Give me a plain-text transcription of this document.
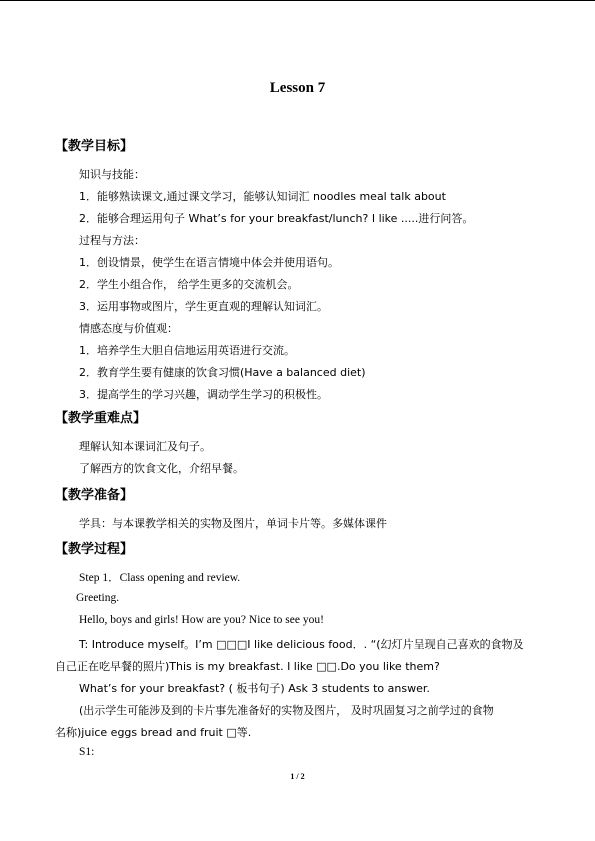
Lesson 7
【教学目标】
知识与技能：
1．能够熟读课文,通过课文学习，能够认知词汇 noodles meal talk about
2．能够合理运用句子 What’s for your breakfast/lunch? I like .....进行问答。
过程与方法：
1．创设情景，使学生在语言情境中体会并使用语句。
2．学生小组合作， 给学生更多的交流机会。
3．运用事物或图片，学生更直观的理解认知词汇。
情感态度与价值观：
1．培养学生大胆自信地运用英语进行交流。
2．教育学生要有健康的饮食习惯(Have a balanced diet)
3．提高学生的学习兴趣，调动学生学习的积极性。
【教学重难点】
理解认知本课词汇及句子。
了解西方的饮食文化，介绍早餐。
【教学准备】
学具：与本课教学相关的实物及图片，单词卡片等。多媒体课件
【教学过程】
Step 1．Class opening and review.
Greeting.
Hello, boys and girls! How are you? Nice to see you!
T: Introduce myself。I’m □□□I like delicious food．. “(幻灯片呈现自己喜欢的食物及
自己正在吃早餐的照片)This is my breakfast. I like □□.Do you like them?
What’s for your breakfast? ( 板书句子) Ask 3 students to answer.
(出示学生可能涉及到的卡片事先准备好的实物及图片， 及时巩固复习之前学过的食物
名称)juice eggs bread and fruit □等.
S1:
1 / 2
